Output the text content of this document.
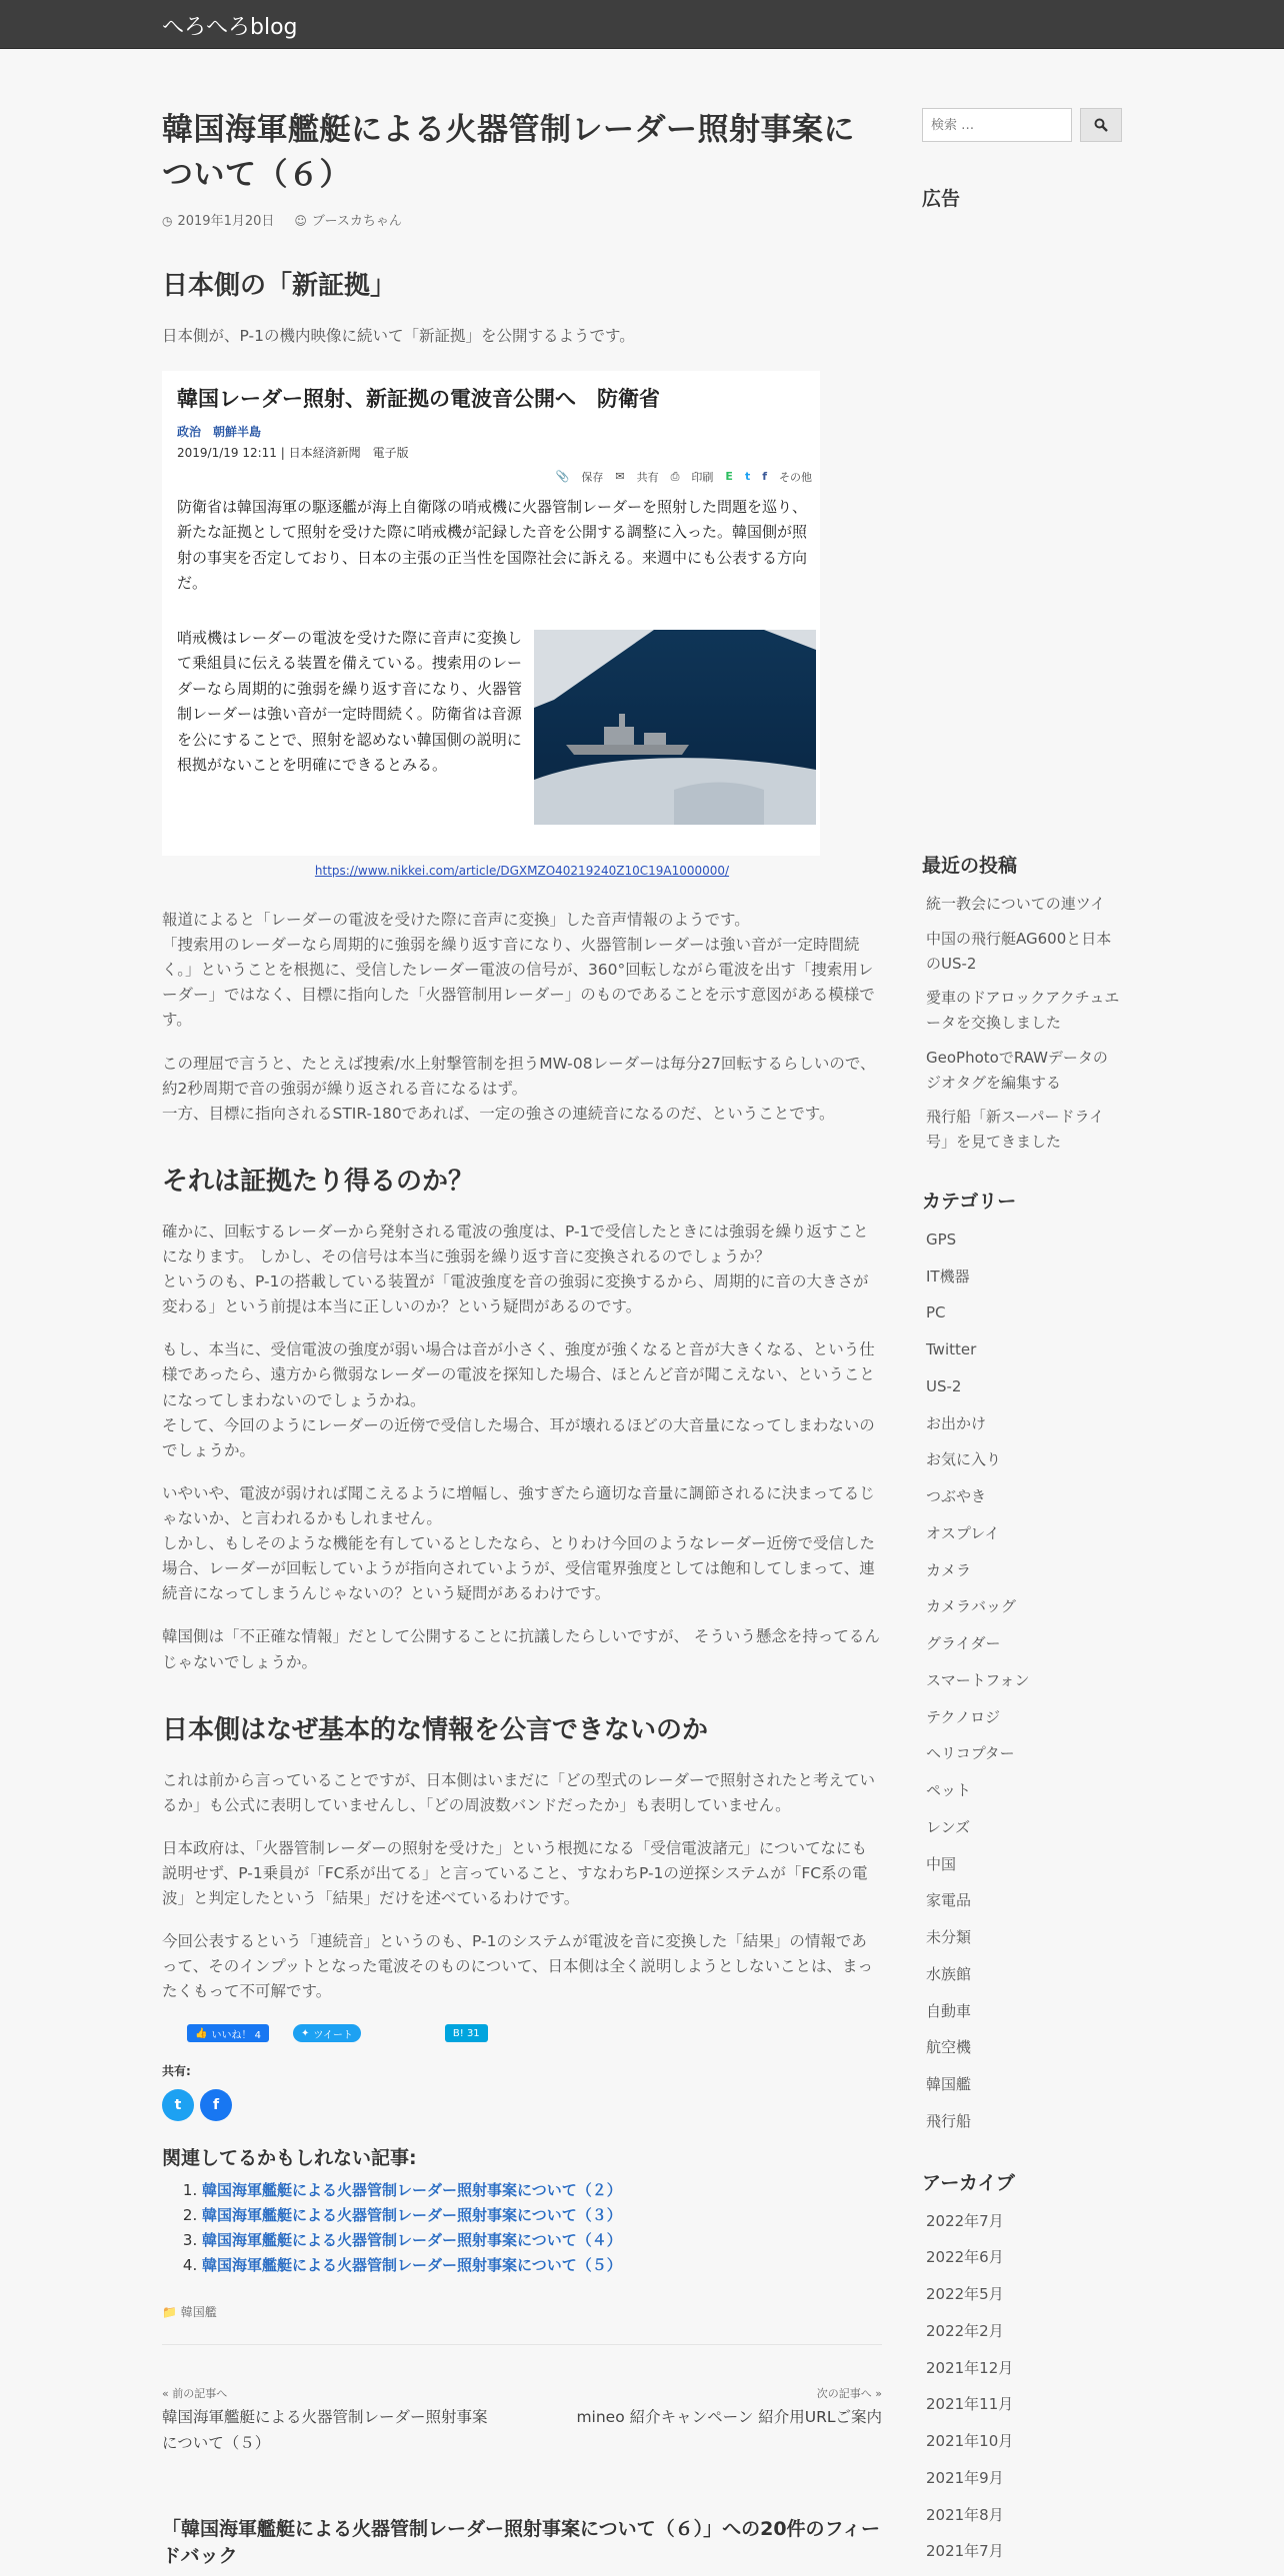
へろへろblog
韓国海軍艦艇による火器管制レーダー照射事案について（６）
◷ 2019年1月20日 ☺ ブースカちゃん
日本側の「新証拠」

日本側が、P-1の機内映像に続いて「新証拠」を公開するようです。

韓国レーダー照射、新証拠の電波音公開へ　防衛省
政治　朝鮮半島
2019/1/19 12:11 | 日本経済新聞　電子版
📎 保存 ✉ 共有 ⎙ 印刷 E t f その他
防衛省は韓国海軍の駆逐艦が海上自衛隊の哨戒機に火器管制レーダーを照射した問題を巡り、新たな証拠として照射を受けた際に哨戒機が記録した音を公開する調整に入った。韓国側が照射の事実を否定しており、日本の主張の正当性を国際社会に訴える。来週中にも公表する方向だ。
哨戒機はレーダーの電波を受けた際に音声に変換して乗組員に伝える装置を備えている。捜索用のレーダーなら周期的に強弱を繰り返す音になり、火器管制レーダーは強い音が一定時間続く。防衛省は音源を公にすることで、照射を認めない韓国側の説明に根拠がないことを明確にできるとみる。
https://www.nikkei.com/article/DGXMZO40219240Z10C19A1000000/

報道によると「レーダーの電波を受けた際に音声に変換」した音声情報のようです。
「捜索用のレーダーなら周期的に強弱を繰り返す音になり、火器管制レーダーは強い音が一定時間続く。」ということを根拠に、受信したレーダー電波の信号が、360°回転しながら電波を出す「捜索用レーダー」ではなく、目標に指向した「火器管制用レーダー」のものであることを示す意図がある模様です。

この理屈で言うと、たとえば捜索/水上射撃管制を担うMW-08レーダーは毎分27回転するらしいので、約2秒周期で音の強弱が繰り返される音になるはず。
一方、目標に指向されるSTIR-180であれば、一定の強さの連続音になるのだ、ということです。

それは証拠たり得るのか？

確かに、回転するレーダーから発射される電波の強度は、P-1で受信したときには強弱を繰り返すことになります。 しかし、その信号は本当に強弱を繰り返す音に変換されるのでしょうか？
というのも、P-1の搭載している装置が「電波強度を音の強弱に変換するから、周期的に音の大きさが変わる」という前提は本当に正しいのか？という疑問があるのです。

もし、本当に、受信電波の強度が弱い場合は音が小さく、強度が強くなると音が大きくなる、という仕様であったら、遠方から微弱なレーダーの電波を探知した場合、ほとんど音が聞こえない、ということになってしまわないのでしょうかね。
そして、今回のようにレーダーの近傍で受信した場合、耳が壊れるほどの大音量になってしまわないのでしょうか。

いやいや、電波が弱ければ聞こえるように増幅し、強すぎたら適切な音量に調節されるに決まってるじゃないか、と言われるかもしれません。
しかし、もしそのような機能を有しているとしたなら、とりわけ今回のようなレーダー近傍で受信した場合、レーダーが回転していようが指向されていようが、受信電界強度としては飽和してしまって、連続音になってしまうんじゃないの？という疑問があるわけです。

韓国側は「不正確な情報」だとして公開することに抗議したらしいですが、 そういう懸念を持ってるんじゃないでしょうか。

日本側はなぜ基本的な情報を公言できないのか

これは前から言っていることですが、日本側はいまだに「どの型式のレーダーで照射されたと考えているか」も公式に表明していませんし、「どの周波数バンドだったか」も表明していません。

日本政府は、「火器管制レーダーの照射を受けた」という根拠になる「受信電波諸元」についてなにも説明せず、P-1乗員が「FC系が出てる」と言っていること、すなわちP-1の逆探システムが「FC系の電波」と判定したという「結果」だけを述べているわけです。

今回公表するという「連続音」というのも、P-1のシステムが電波を音に変換した「結果」の情報であって、そのインプットとなった電波そのものについて、日本側は全く説明しようとしないことは、まったくもって不可解です。

👍 いいね！ 4	✦ ツイート	B! 31
共有:
t	f
関連してるかもしれない記事:
1. 韓国海軍艦艇による火器管制レーダー照射事案について（２）
2. 韓国海軍艦艇による火器管制レーダー照射事案について（３）
3. 韓国海軍艦艇による火器管制レーダー照射事案について（４）
4. 韓国海軍艦艇による火器管制レーダー照射事案について（５）
📁 韓国艦
« 前の記事へ
韓国海軍艦艇による火器管制レーダー照射事案について（５）
次の記事へ »
mineo 紹介キャンペーン 紹介用URLご案内
「韓国海軍艦艇による火器管制レーダー照射事案について（６）」への20件のフィードバック
検索 …
広告
最近の投稿
統一教会についての連ツイ
中国の飛行艇AG600と日本のUS-2
愛車のドアロックアクチュエータを交換しました
GeoPhotoでRAWデータのジオタグを編集する
飛行船「新スーパードライ号」を見てきました
カテゴリー
GPS
IT機器
PC
Twitter
US-2
お出かけ
お気に入り
つぶやき
オスプレイ
カメラ
カメラバッグ
グライダー
スマートフォン
テクノロジ
ヘリコプター
ペット
レンズ
中国
家電品
未分類
水族館
自動車
航空機
韓国艦
飛行船
アーカイブ
2022年7月
2022年6月
2022年5月
2022年2月
2021年12月
2021年11月
2021年10月
2021年9月
2021年8月
2021年7月
